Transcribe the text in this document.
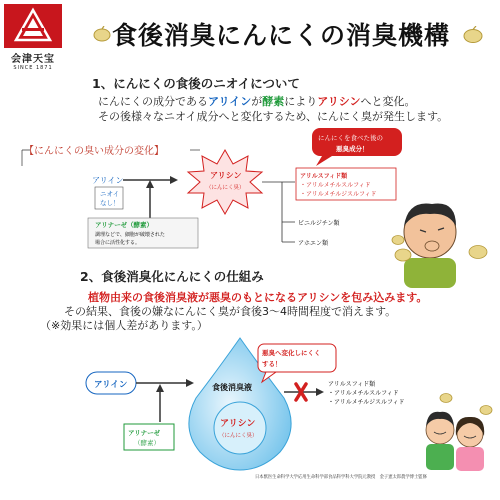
会津天宝
SINCE 1871
食後消臭にんにくの消臭機構
1、にんにくの食後のニオイについて
にんにくの成分であるアリインが酵素によりアリシンへと変化。
その後様々なニオイ成分へと変化するため、にんにく臭が発生します。
【にんにくの臭い成分の変化】
アリイン
ニオイ
なし！
アリナーゼ（酵素）
調理などで、細胞が破壊された
場合に活性化する。
アリシン
（にんにく臭）
にんにくを食べた後の
悪臭成分！
アリルスフィド類
・アリルメチルスルフィド
・アリルメチルジスルフィド
ビニルジチン類
アホエン類
2、食後消臭化にんにくの仕組み
植物由来の食後消臭液が悪臭のもとになるアリシンを包み込みます。
その結果、食後の嫌なにんにく臭が食後3～4時間程度で消えます。
（※効果には個人差があります。）
アリイン
アリナーゼ
（酵素）
食後消臭液
アリシン
（にんにく臭）
悪臭へ変化しにくく
する！
アリルスフィド類
・アリルメチルスルフィド
・アリルメチルジスルフィド
日本獣医生命科学大学応用生命科学部食品科学科大学院元教授　金子憲太郎農学博士監修
